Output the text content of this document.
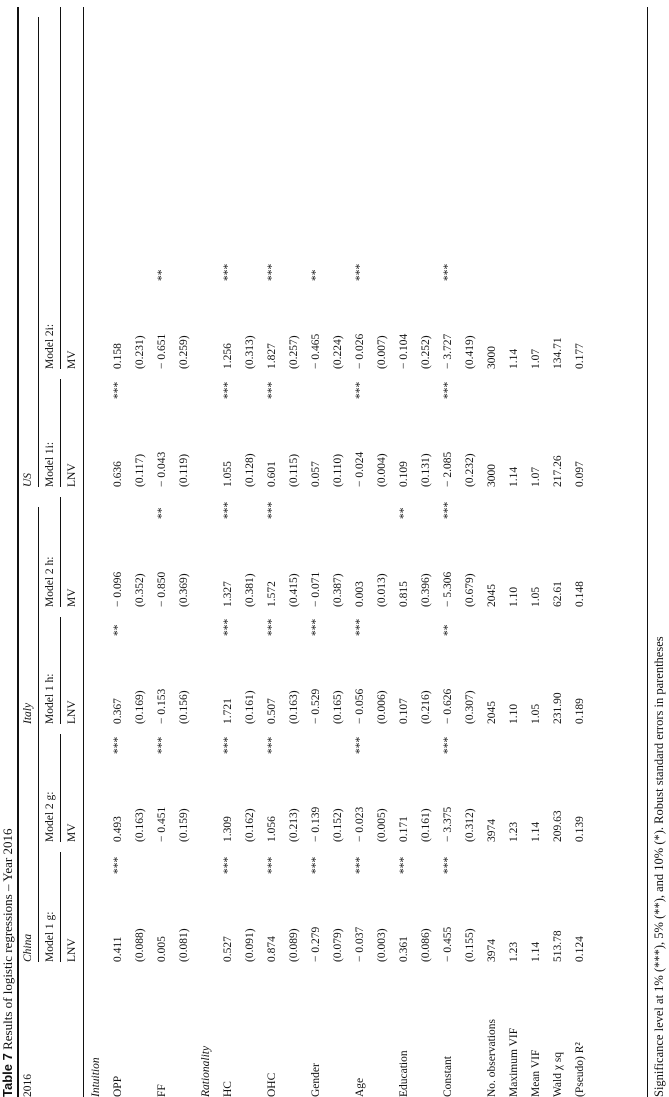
Table 7 Results of logistic regressions – Year 2016
2016
China
Italy
US
Model 1 g: LNV
Model 2 g: MV
Model 1 h: LNV
Model 2 h: MV
Model 1i: LNV
Model 2i: MV
Intuition OPP
0.411
***
0.493
***
0.367
**
− 0.096
0.636
***
0.158
(0.088)
(0.163)
(0.169)
(0.352)
(0.117)
(0.231)
FF
0.005
− 0.451
***
− 0.153
− 0.850
**
− 0.043
− 0.651
**
(0.081)
(0.159)
(0.156)
(0.369)
(0.119)
(0.259)
Rationality HC
0.527
***
1.309
***
1.721
***
1.327
***
1.055
***
1.256
***
(0.091)
(0.162)
(0.161)
(0.381)
(0.128)
(0.313)
OHC
0.874
***
1.056
***
0.507
***
1.572
***
0.601
***
1.827
***
(0.089)
(0.213)
(0.163)
(0.415)
(0.115)
(0.257)
Gender
− 0.279
***
− 0.139
− 0.529
***
− 0.071
0.057
− 0.465
**
(0.079)
(0.152)
(0.165)
(0.387)
(0.110)
(0.224)
Age
− 0.037
***
− 0.023
***
− 0.056
***
0.003
− 0.024
***
− 0.026
***
(0.003)
(0.005)
(0.006)
(0.013)
(0.004)
(0.007)
Education
0.361
***
0.171
0.107
0.815
**
0.109
− 0.104
(0.086)
(0.161)
(0.216)
(0.396)
(0.131)
(0.252)
Constant
− 0.455
***
− 3.375
***
− 0.626
**
− 5.306
***
− 2.085
***
− 3.727
***
(0.155)
(0.312)
(0.307)
(0.679)
(0.232)
(0.419)
No. observations
3974
3974
2045
2045
3000
3000
Maximum VIF
1.23
1.23
1.10
1.10
1.14
1.14
Mean VIF
1.14
1.14
1.05
1.05
1.07
1.07
Wald χ sq
513.78
209.63
231.90
62.61
217.26
134.71
(Pseudo) R²
0.124
0.139
0.189
0.148
0.097
0.177
Significance level at 1% (***), 5% (**), and 10% (*). Robust standard errors in parentheses
